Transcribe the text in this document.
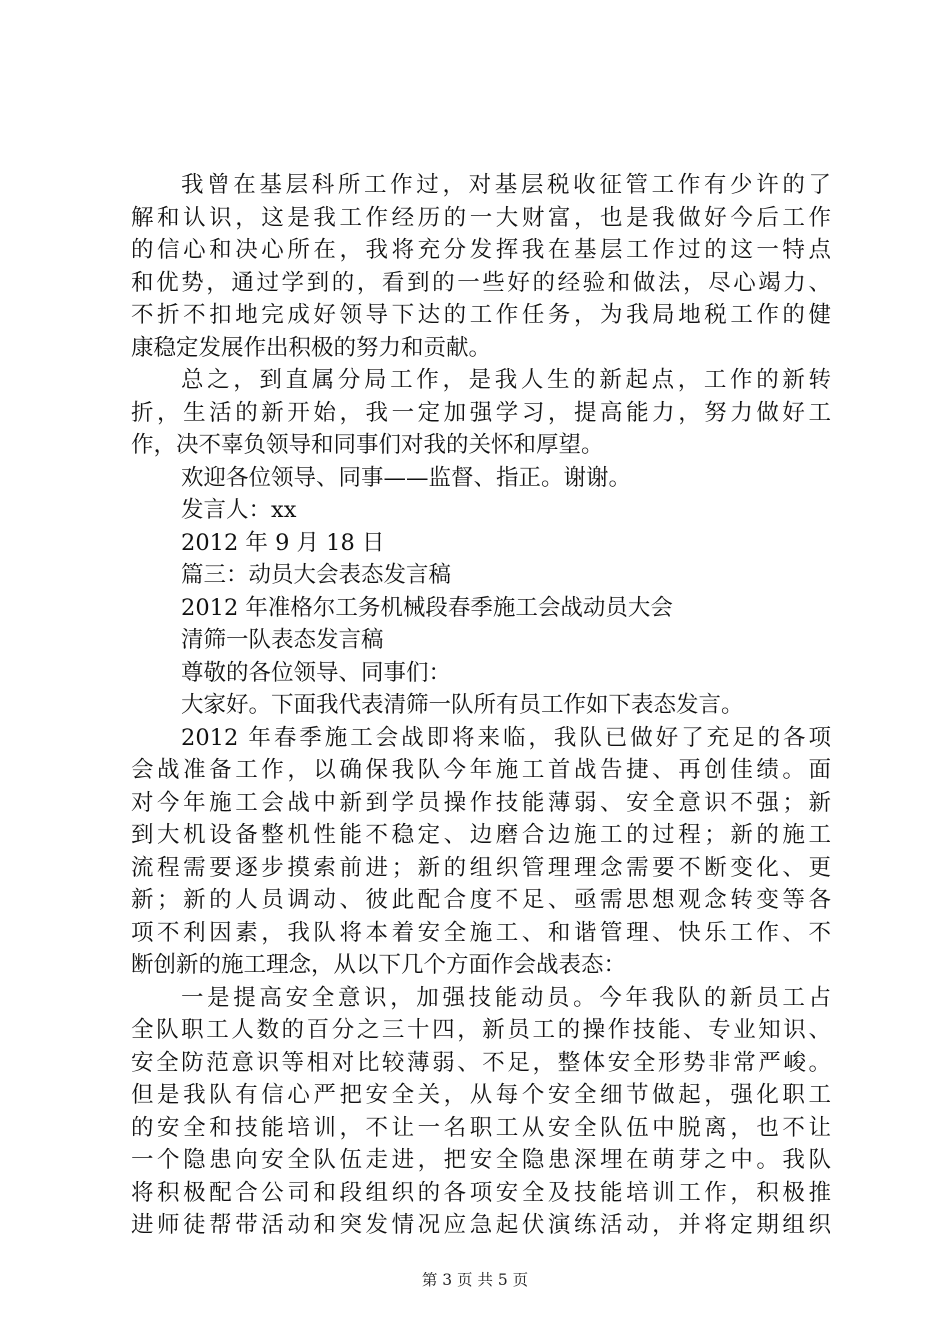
我曾在基层科所工作过，对基层税收征管工作有少许的了
解和认识，这是我工作经历的一大财富，也是我做好今后工作
的信心和决心所在，我将充分发挥我在基层工作过的这一特点
和优势，通过学到的，看到的一些好的经验和做法，尽心竭力、
不折不扣地完成好领导下达的工作任务，为我局地税工作的健
康稳定发展作出积极的努力和贡献。
总之，到直属分局工作，是我人生的新起点，工作的新转
折，生活的新开始，我一定加强学习，提高能力，努力做好工
作，决不辜负领导和同事们对我的关怀和厚望。
欢迎各位领导、同事——监督、指正。谢谢。
发言人：xx
2012 年 9 月 18 日
篇三：动员大会表态发言稿
2012 年准格尔工务机械段春季施工会战动员大会
清筛一队表态发言稿
尊敬的各位领导、同事们：
大家好。下面我代表清筛一队所有员工作如下表态发言。
2012 年春季施工会战即将来临，我队已做好了充足的各项
会战准备工作，以确保我队今年施工首战告捷、再创佳绩。面
对今年施工会战中新到学员操作技能薄弱、安全意识不强；新
到大机设备整机性能不稳定、边磨合边施工的过程；新的施工
流程需要逐步摸索前进；新的组织管理理念需要不断变化、更
新；新的人员调动、彼此配合度不足、亟需思想观念转变等各
项不利因素，我队将本着安全施工、和谐管理、快乐工作、不
断创新的施工理念，从以下几个方面作会战表态：
一是提高安全意识，加强技能动员。今年我队的新员工占
全队职工人数的百分之三十四，新员工的操作技能、专业知识、
安全防范意识等相对比较薄弱、不足，整体安全形势非常严峻。
但是我队有信心严把安全关，从每个安全细节做起，强化职工
的安全和技能培训，不让一名职工从安全队伍中脱离，也不让
一个隐患向安全队伍走进，把安全隐患深埋在萌芽之中。我队
将积极配合公司和段组织的各项安全及技能培训工作，积极推
进师徒帮带活动和突发情况应急起伏演练活动，并将定期组织
第 3 页 共 5 页
